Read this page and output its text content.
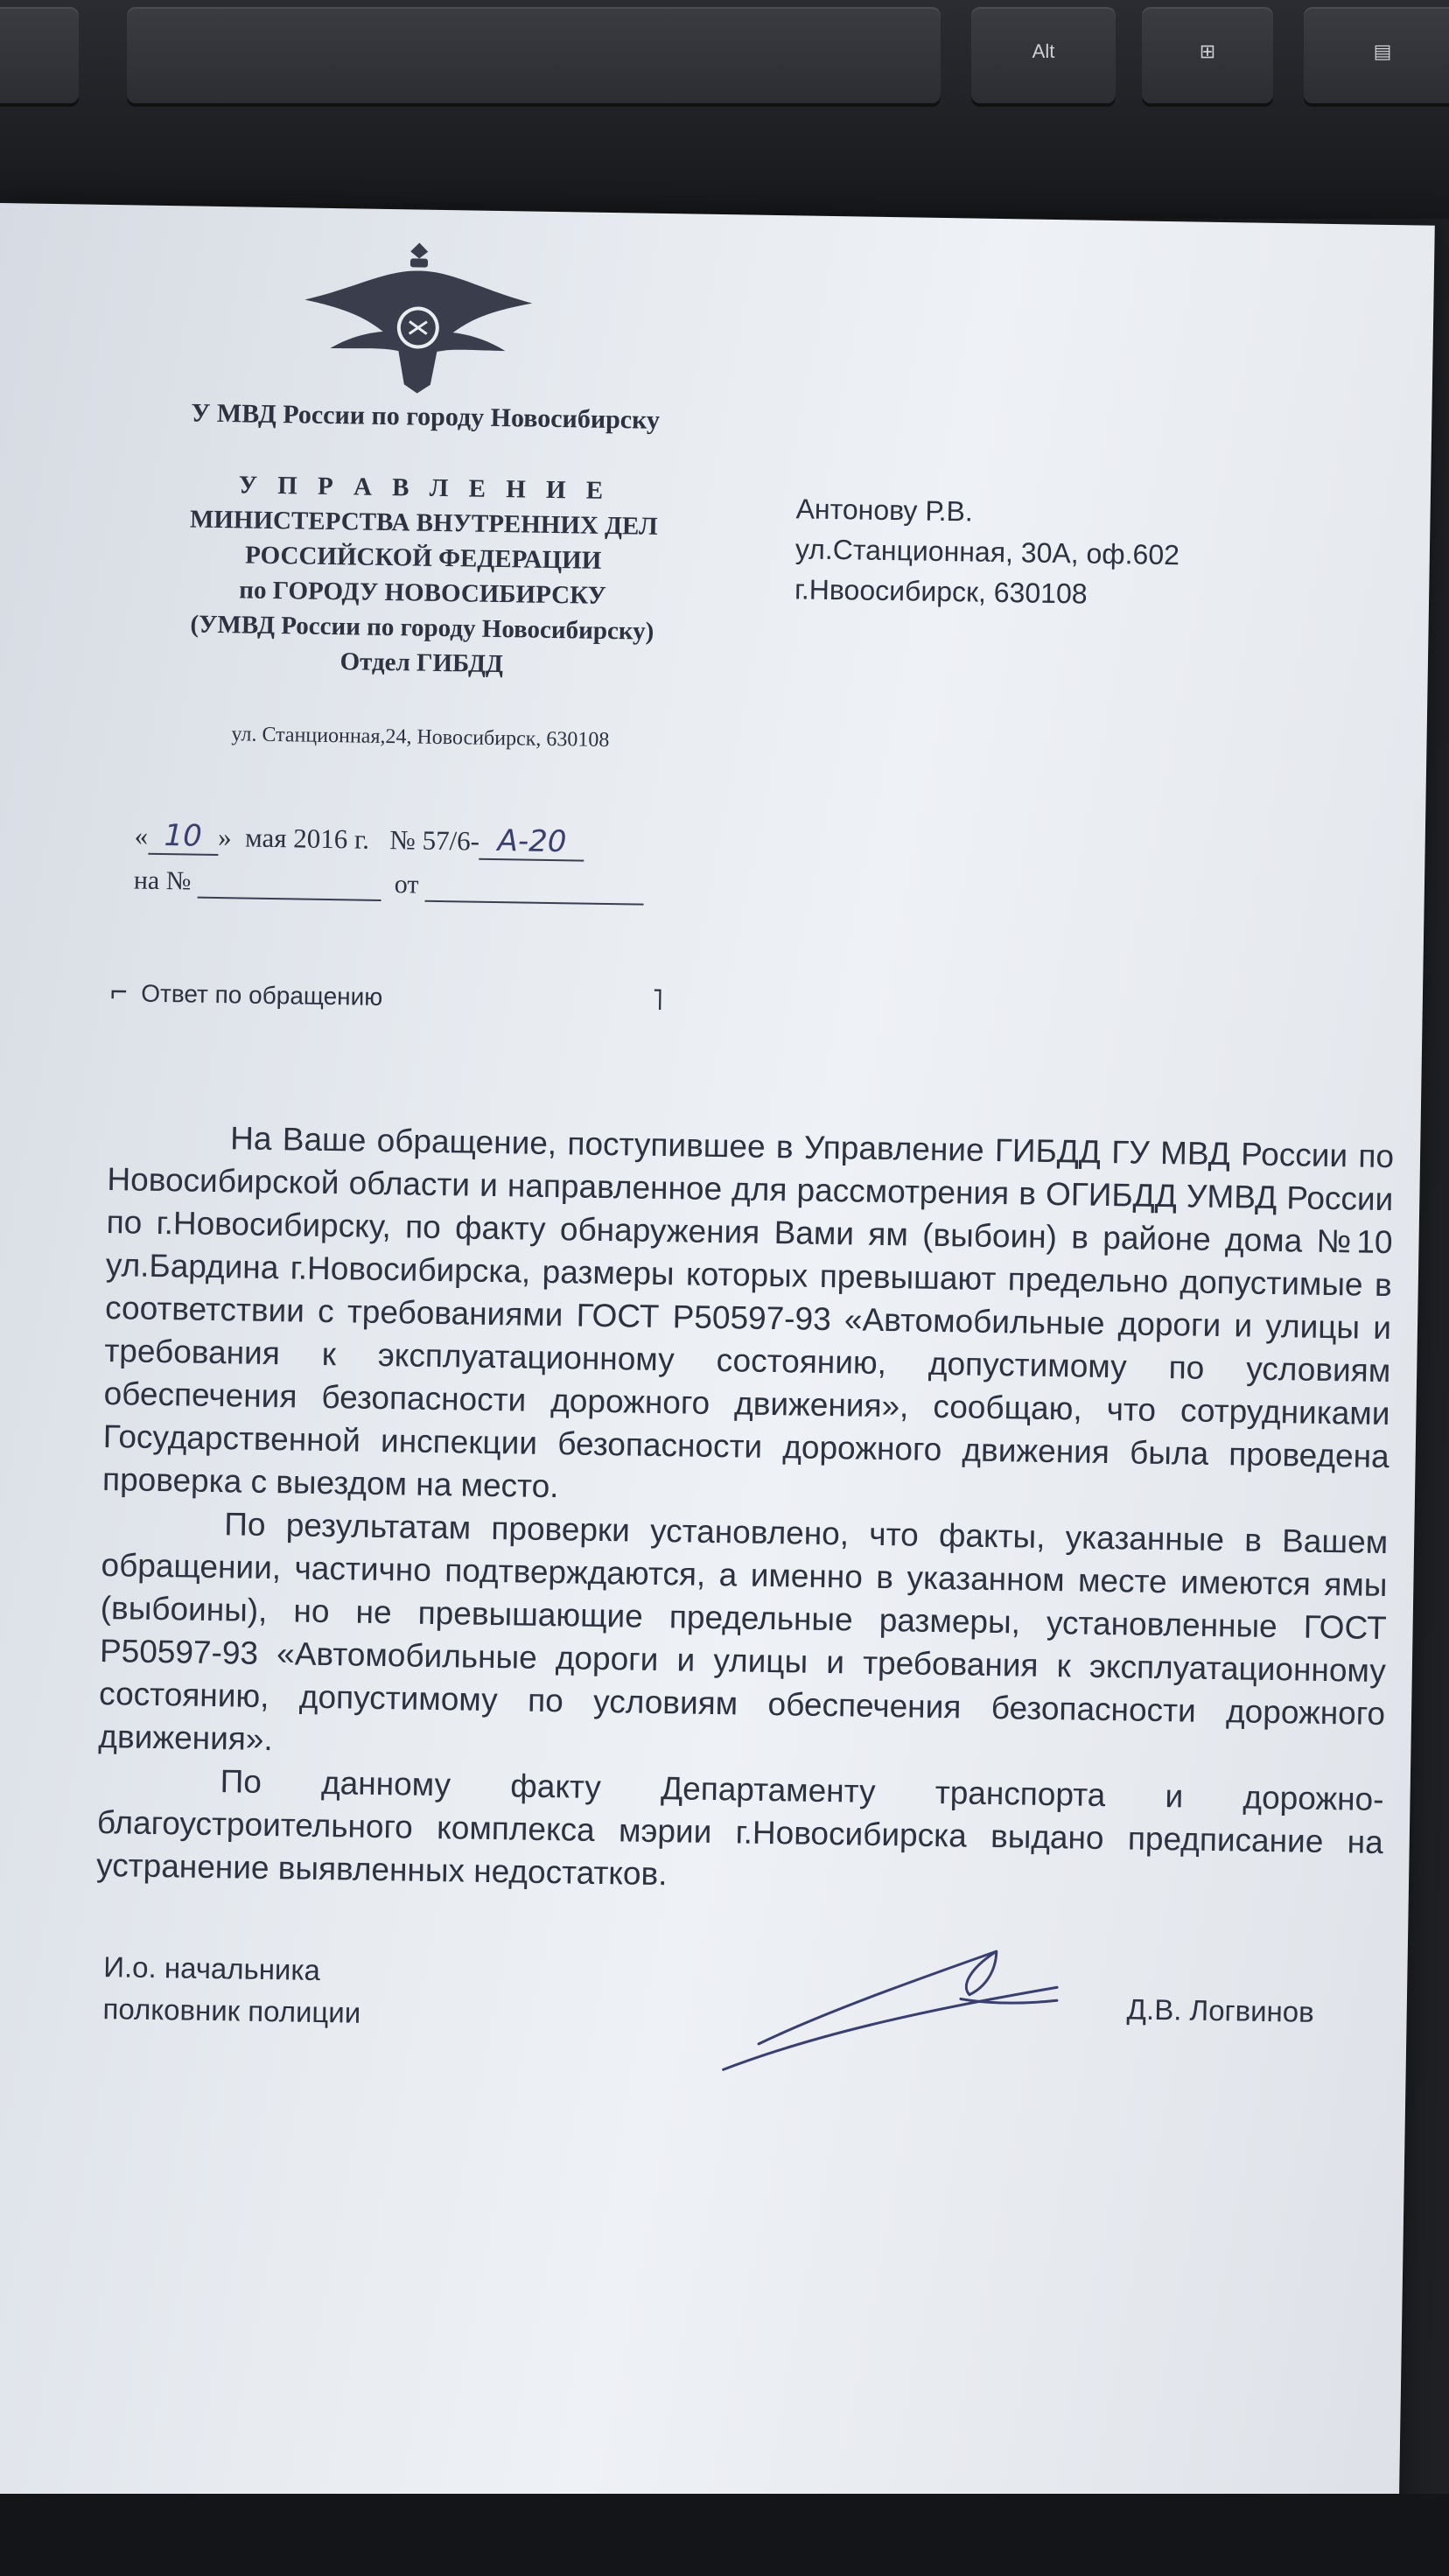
Alt	⊞	▤
У МВД России по городу Новосибирску
У П Р А В Л Е Н И Е
МИНИСТЕРСТВА ВНУТРЕННИХ ДЕЛ
РОССИЙСКОЙ ФЕДЕРАЦИИ
по ГОРОДУ НОВОСИБИРСКУ
(УМВД России по городу Новосибирску)
Отдел ГИБДД
ул. Станционная,24, Новосибирск, 630108
Антонову Р.В.
ул.Станционная, 30А, оф.602
г.Нвоосибирск, 630108
« 10 » мая 2016 г. № 57/6- А-20
на №	от
⌐ Ответ по обращению	˥

На Ваше обращение, поступившее в Управление ГИБДД ГУ МВД России по Новосибирской области и направленное для рассмотрения в ОГИБДД УМВД России по г.Новосибирску, по факту обнаружения Вами ям (выбоин) в районе дома №10 ул.Бардина г.Новосибирска, размеры которых превышают предельно допустимые в соответствии с требованиями ГОСТ Р50597-93 «Автомобильные дороги и улицы и требования к эксплуатационному состоянию, допустимому по условиям обеспечения безопасности дорожного движения», сообщаю, что сотрудниками Государственной инспекции безопасности дорожного движения была проведена проверка с выездом на место.

По результатам проверки установлено, что факты, указанные в Вашем обращении, частично подтверждаются, а именно в указанном месте имеются ямы (выбоины), но не превышающие предельные размеры, установленные ГОСТ Р50597-93 «Автомобильные дороги и улицы и требования к эксплуатационному состоянию, допустимому по условиям обеспечения безопасности дорожного движения».

По данному факту Департаменту транспорта и дорожно-благоустроительного комплекса мэрии г.Новосибирска выдано предписание на устранение выявленных недостатков.

И.о. начальника
полковник полиции	Д.В. Логвинов
